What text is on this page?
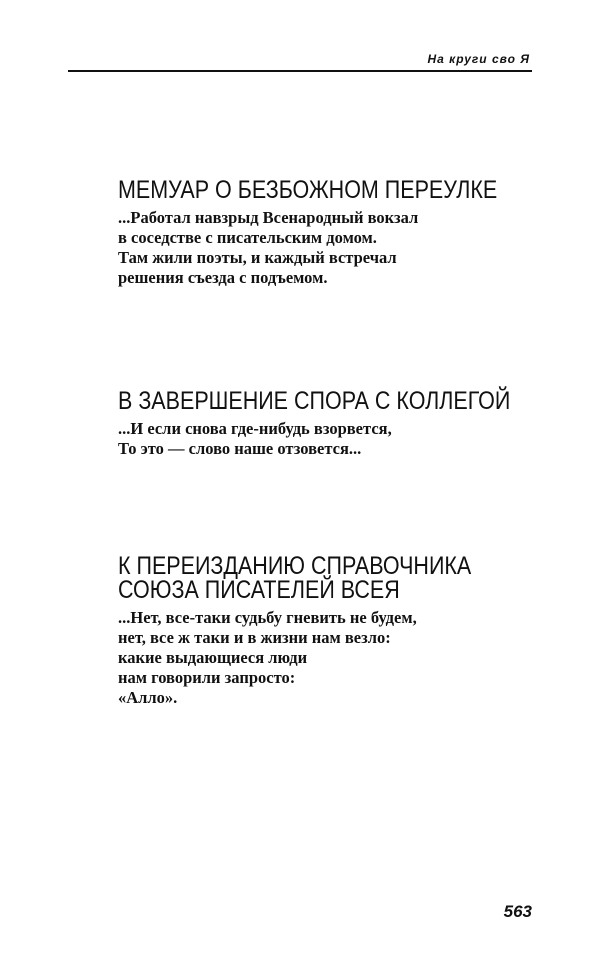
На круги сво Я
МЕМУАР О БЕЗБОЖНОМ ПЕРЕУЛКЕ
...Работал навзрыд Всенародный вокзал
в соседстве с писательским домом.
Там жили поэты, и каждый встречал
решения съезда с подъемом.
В ЗАВЕРШЕНИЕ СПОРА С КОЛЛЕГОЙ
...И если снова где-нибудь взорвется,
То это — слово наше отзовется...
К ПЕРЕИЗДАНИЮ СПРАВОЧНИКА
СОЮЗА ПИСАТЕЛЕЙ ВСЕЯ
...Нет, все-таки судьбу гневить не будем,
нет, все ж таки и в жизни нам везло:
какие выдающиеся люди
нам говорили запросто:
«Алло».
563
